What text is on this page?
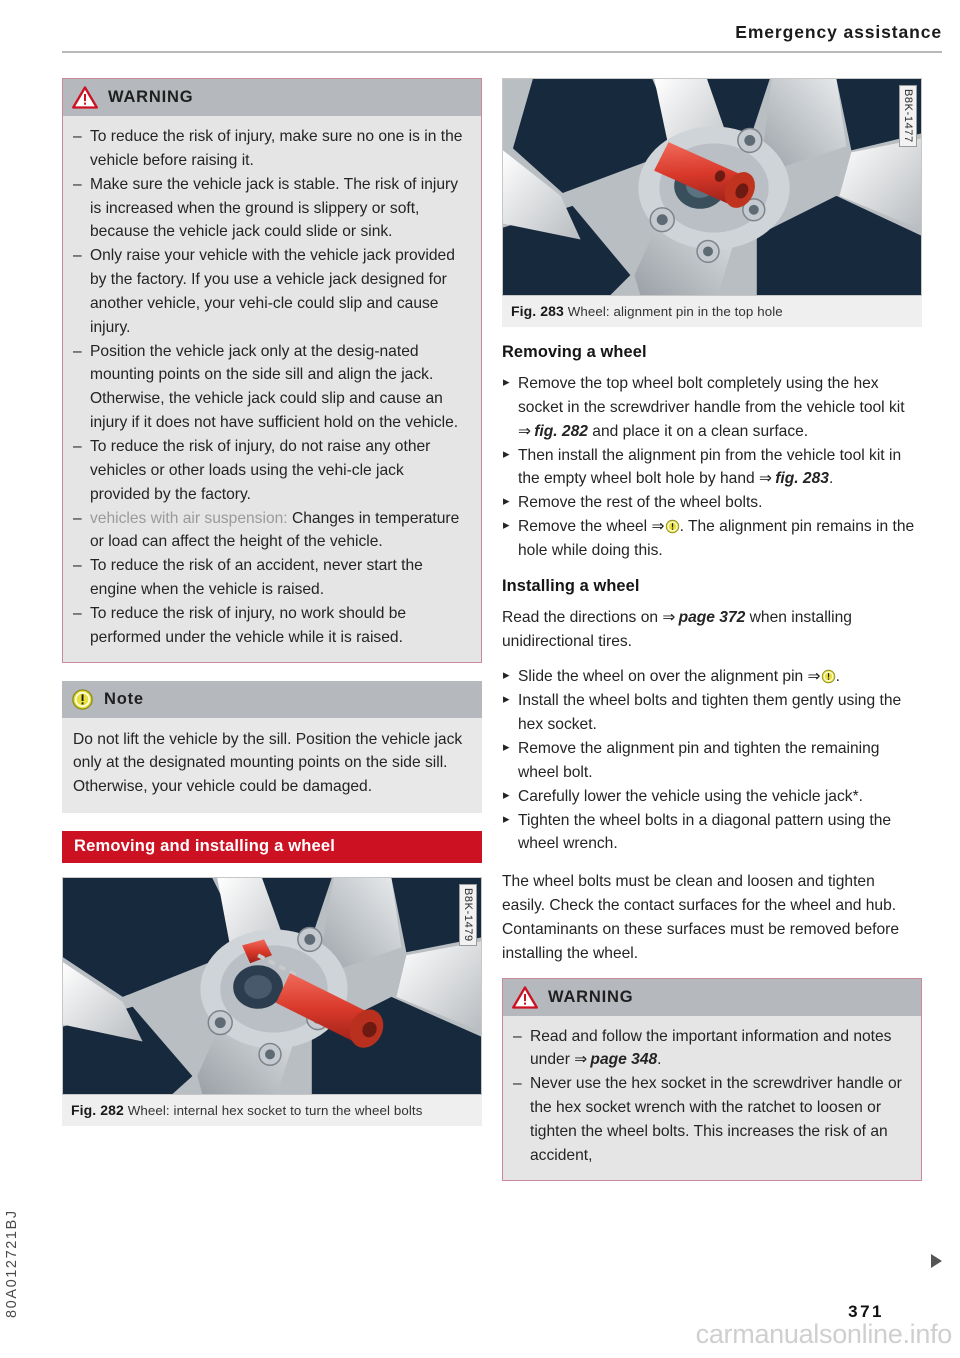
Emergency assistance
80A012721BJ
WARNING
– To reduce the risk of injury, make sure no one is in the vehicle before raising it.
– Make sure the vehicle jack is stable. The risk of injury is increased when the ground is slippery or soft, because the vehicle jack could slide or sink.
– Only raise your vehicle with the vehicle jack provided by the factory. If you use a vehicle jack designed for another vehicle, your vehi-cle could slip and cause injury.
– Position the vehicle jack only at the desig-nated mounting points on the side sill and align the jack. Otherwise, the vehicle jack could slip and cause an injury if it does not have sufficient hold on the vehicle.
– To reduce the risk of injury, do not raise any other vehicles or other loads using the vehi-cle jack provided by the factory.
– vehicles with air suspension: Changes in temperature or load can affect the height of the vehicle.
– To reduce the risk of an accident, never start the engine when the vehicle is raised.
– To reduce the risk of injury, no work should be performed under the vehicle while it is raised.
Note

Do not lift the vehicle by the sill. Position the vehicle jack only at the designated mounting points on the side sill. Otherwise, your vehicle could be damaged.

Removing and installing a wheel
B8K-1479
Fig. 282 Wheel: internal hex socket to turn the wheel bolts
B8K-1477
Fig. 283 Wheel: alignment pin in the top hole
Removing a wheel
▸ Remove the top wheel bolt completely using the hex socket in the screwdriver handle from the vehicle tool kit ⇒ fig. 282 and place it on a clean surface.
▸ Then install the alignment pin from the vehicle tool kit in the empty wheel bolt hole by hand ⇒ fig. 283.
▸ Remove the rest of the wheel bolts.
▸ Remove the wheel ⇒ . The alignment pin remains in the hole while doing this.
Installing a wheel

Read the directions on ⇒ page 372 when installing unidirectional tires.

▸ Slide the wheel on over the alignment pin ⇒ .
▸ Install the wheel bolts and tighten them gently using the hex socket.
▸ Remove the alignment pin and tighten the remaining wheel bolt.
▸ Carefully lower the vehicle using the vehicle jack*.
▸ Tighten the wheel bolts in a diagonal pattern using the wheel wrench.

The wheel bolts must be clean and loosen and tighten easily. Check the contact surfaces for the wheel and hub. Contaminants on these surfaces must be removed before installing the wheel.

WARNING
– Read and follow the important information and notes under ⇒ page 348.
– Never use the hex socket in the screwdriver handle or the hex socket wrench with the ratchet to loosen or tighten the wheel bolts. This increases the risk of an accident,
371
carmanualsonline.info
